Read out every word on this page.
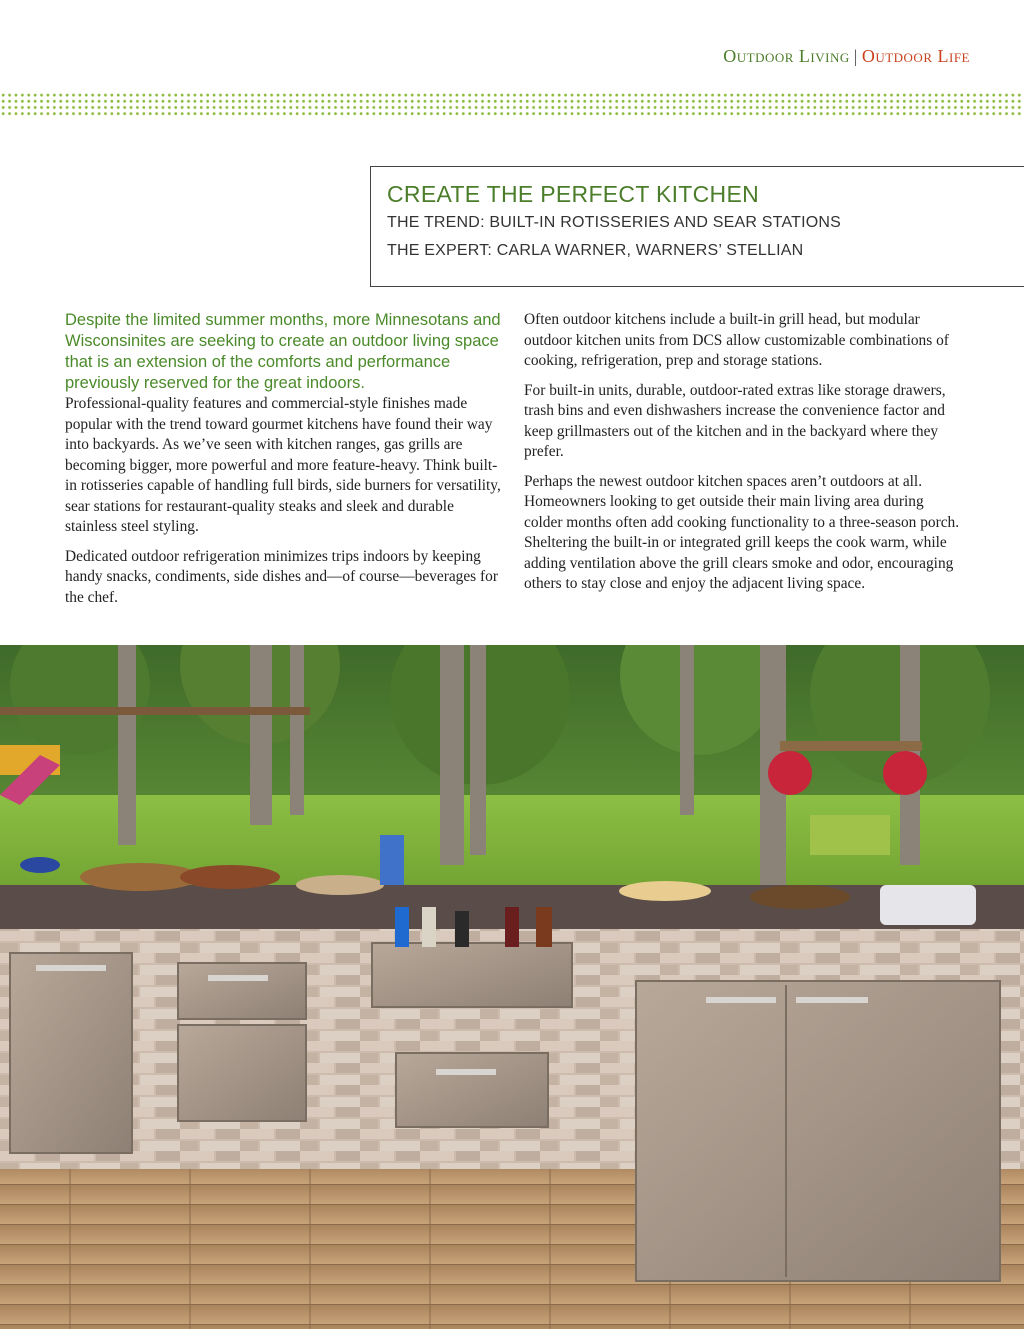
Outdoor Living | Outdoor Life
CREATE THE PERFECT KITCHEN
THE TREND: BUILT-IN ROTISSERIES AND SEAR STATIONS
THE EXPERT: CARLA WARNER, WARNERS’ STELLIAN

Despite the limited summer months, more Minnesotans and Wisconsinites are seeking to create an outdoor living space that is an extension of the comforts and performance previously reserved for the great indoors.

Professional-quality features and commercial-style finishes made popular with the trend toward gourmet kitchens have found their way into backyards. As we’ve seen with kitchen ranges, gas grills are becoming bigger, more powerful and more feature-heavy. Think built-in rotisseries capable of handling full birds, side burners for versatility, sear stations for restaurant-quality steaks and sleek and durable stainless steel styling.

Dedicated outdoor refrigeration minimizes trips indoors by keeping handy snacks, condiments, side dishes and—of course—beverages for the chef.

Often outdoor kitchens include a built-in grill head, but modular outdoor kitchen units from DCS allow customizable combinations of cooking, refrigeration, prep and storage stations.

For built-in units, durable, outdoor-rated extras like storage drawers, trash bins and even dishwashers increase the convenience factor and keep grillmasters out of the kitchen and in the backyard where they prefer.

Perhaps the newest outdoor kitchen spaces aren’t outdoors at all. Homeowners looking to get outside their main living area during colder months often add cooking functionality to a three-season porch. Sheltering the built-in or integrated grill keeps the cook warm, while adding ventilation above the grill clears smoke and odor, encouraging others to stay close and enjoy the adjacent living space.
